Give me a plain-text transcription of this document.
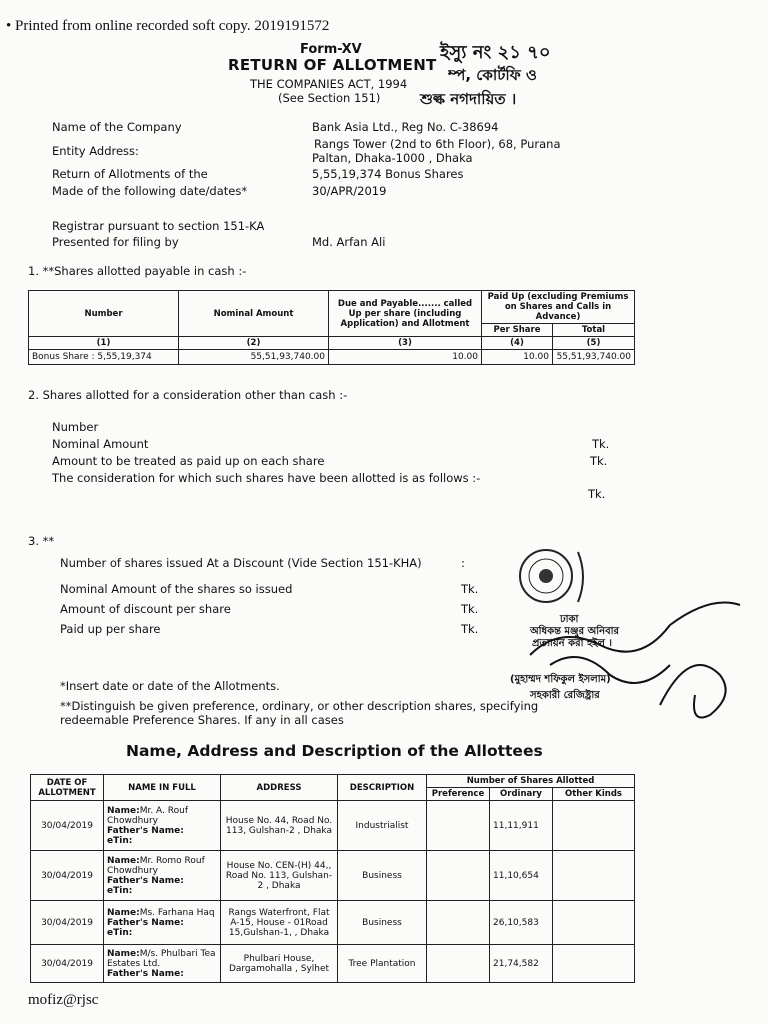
• Printed from online recorded soft copy. 2019191572
Form-XV
RETURN OF ALLOTMENT
THE COMPANIES ACT, 1994
(See Section 151)
ইস্যু নং ২১ ৭০
ম্প, কোর্টফি ও
শুল্ক নগদায়িত ।
Name of the Company	Bank Asia Ltd., Reg No. C-38694
Entity Address:	Rangs Tower (2nd to 6th Floor), 68, Purana
Paltan, Dhaka-1000 , Dhaka
Return of Allotments of the	5,55,19,374 Bonus Shares
Made of the following date/dates*	30/APR/2019
Registrar pursuant to section 151-KA
Presented for filing by	Md. Arfan Ali
1. **Shares allotted payable in cash :-
Number	Nominal Amount	Due and Payable....... called Up per share (including Application) and Allotment	Paid Up (excluding Premiums on Shares and Calls in Advance)	
			Per Share	Total
(1)	(2)	(3)	(4)	(5)
Bonus Share : 5,55,19,374	55,51,93,740.00	10.00	10.00	55,51,93,740.00
2. Shares allotted for a consideration other than cash :-
Number
Nominal Amount	Tk.
Amount to be treated as paid up on each share	Tk.
The consideration for which such shares have been allotted is as follows :-
Tk.
3. **
Number of shares issued At a Discount (Vide Section 151-KHA)	:
Nominal Amount of the shares so issued	Tk.
Amount of discount per share	Tk.
Paid up per share	Tk.
ঢাকা
অধিকন্ত মঞ্জুর অনিবার
প্রত্যায়ন করা হইল ।
(মুহাম্মদ শফিকুল ইসলাম)
সহকারী রেজিষ্ট্রার
*Insert date or date of the Allotments.
**Distinguish be given preference, ordinary, or other description shares, specifying
redeemable Preference Shares. If any in all cases
Name, Address and Description of the Allottees
DATE OF ALLOTMENT	NAME IN FULL	ADDRESS	DESCRIPTION	Number of Shares Allotted		
				Preference	Ordinary	Other Kinds
30/04/2019	Name:Mr. A. Rouf Chowdhury
Father's Name:
eTin:	House No. 44, Road No. 113, Gulshan-2 , Dhaka	Industrialist		11,11,911	
30/04/2019	Name:Mr. Romo Rouf Chowdhury
Father's Name:
eTin:	House No. CEN-(H) 44,, Road No. 113, Gulshan-2 , Dhaka	Business		11,10,654	
30/04/2019	Name:Ms. Farhana Haq
Father's Name:
eTin:	Rangs Waterfront, Flat A-15, House - 01Road 15,Gulshan-1, , Dhaka	Business		26,10,583	
30/04/2019	Name:M/s. Phulbari Tea Estates Ltd.
Father's Name:	Phulbari House, Dargamohalla , Sylhet	Tree Plantation		21,74,582	
mofiz@rjsc
